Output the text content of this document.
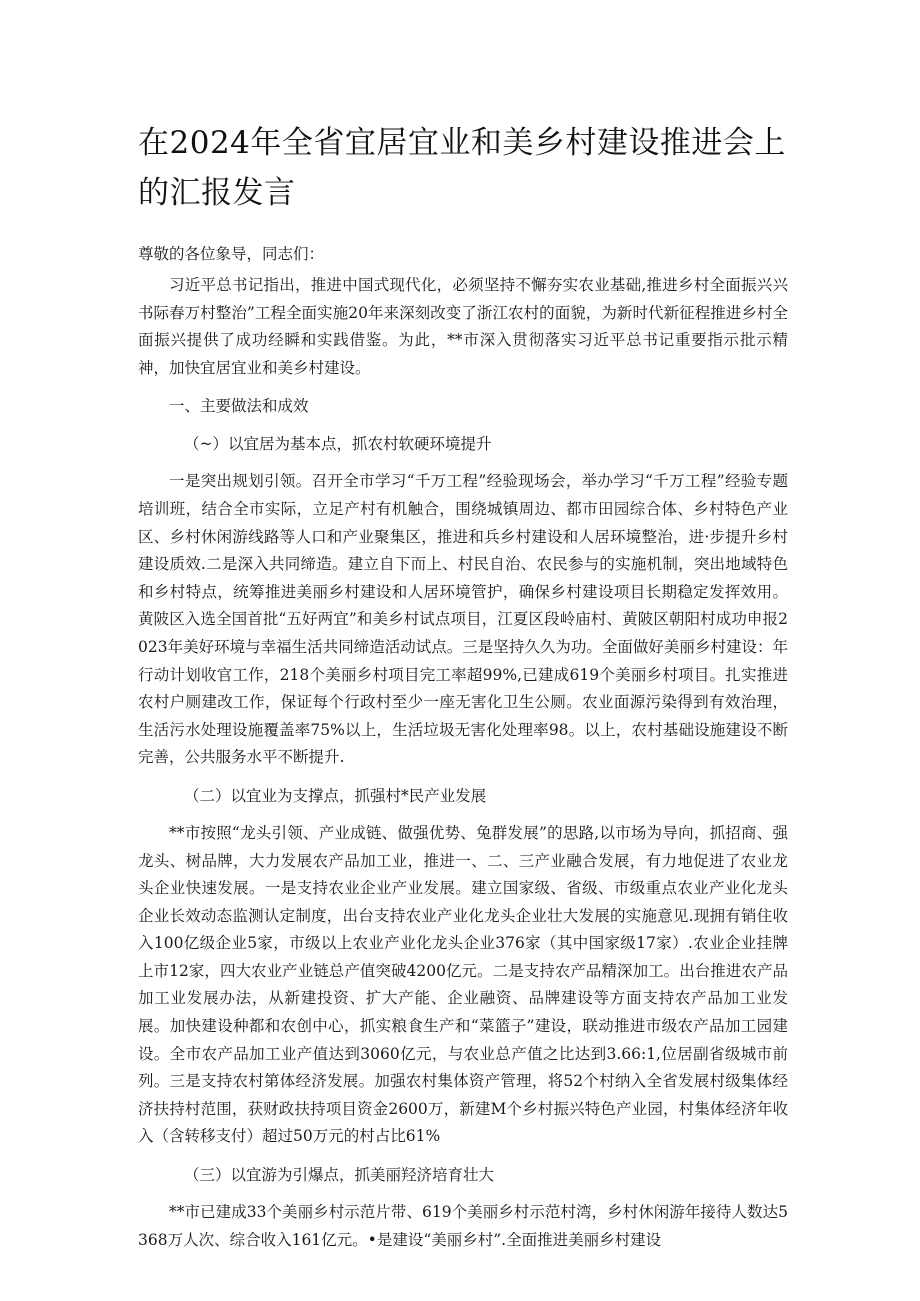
在2024年全省宜居宜业和美乡村建设推进会上的汇报发言

尊敬的各位象导，同志们：

习近平总书记指出，推进中国式现代化，必须坚持不懈夯实农业基础,推进乡村全面振兴兴书际春万村整治”工程全面实施20年来深刻改变了浙江农村的面貌，为新时代新征程推进乡村全面振兴提供了成功经瞬和实践借鉴。为此，**市深入贯彻落实习近平总书记重要指示批示精神，加快宜居宜业和美乡村建设。

一、主要做法和成效

（~）以宜居为基本点，抓农村软硬环境提升

一是突出规划引领。召开全市学习“千万工程”经验现场会，举办学习“千万工程”经验专题培训班，结合全市实际，立足产村有机触合，围绕城镇周边、都市田园综合体、乡村特色产业区、乡村休闲游线路等人口和产业聚集区，推进和兵乡村建设和人居环境整治，进·步提升乡村建设质效.二是深入共同缔造。建立自下而上、村民自治、农民参与的实施机制，突出地域特色和乡村特点，统筹推进美丽乡村建设和人居环境管护，确保乡村建设项目长期稳定发挥效用。黄陂区入选全国首批“五好两宜”和美乡村试点项目，江夏区段岭庙村、黄陂区朝阳村成功申报2023年美好环境与幸福生活共同缔造活动试点。三是坚持久久为功。全面做好美丽乡村建设：年行动计划收官工作，218个美丽乡村项目完工率超99%,已建成619个美丽乡村项目。扎实推进农村户厕建改工作，保证每个行政村至少一座无害化卫生公厕。农业面源污染得到有效治理，生活污水处理设施覆盖率75%以上，生活垃圾无害化处理率98。以上，农村基础设施建设不断完善，公共服务水平不断提升.

（二）以宜业为支撑点，抓强村*民产业发展

**市按照“龙头引领、产业成链、做强优势、兔群发展”的思路,以市场为导向，抓招商、强龙头、树品牌，大力发展农产品加工业，推进一、二、三产业融合发展，有力地促进了农业龙头企业快速发展。一是支持农业企业产业发展。建立国家级、省级、市级重点农业产业化龙头企业长效动态监测认定制度，出台支持农业产业化龙头企业壮大发展的实施意见.现拥有销住收入100亿级企业5家，市级以上农业产业化龙头企业376家（其中国家级17家）.农业企业挂牌上市12家，四大农业产业链总产值突破4200亿元。二是支持农产品精深加工。出台推进农产品加工业发展办法，从新建投资、扩大产能、企业融资、品牌建设等方面支持农产品加工业发展。加快建设种都和农创中心，抓实粮食生产和“菜篮子”建设，联动推进市级农产品加工园建设。全市农产品加工业产值达到3060亿元，与农业总产值之比达到3.66:1,位居副省级城市前列。三是支持农村第体经济发展。加强农村集体资产管理，将52个村纳入全省发展村级集体经济扶持村范围，获财政扶持项目资金2600万，新建M个乡村振兴特色产业园，村集体经济年收入（含转移支付）超过50万元的村占比61%

（三）以宜游为引爆点，抓美丽羟济培育壮大

**市已建成33个美丽乡村示范片带、619个美丽乡村示范村湾，乡村休闲游年接待人数达5368万人次、综合收入161亿元。•是建设“美丽乡村”.全面推进美丽乡村建设
